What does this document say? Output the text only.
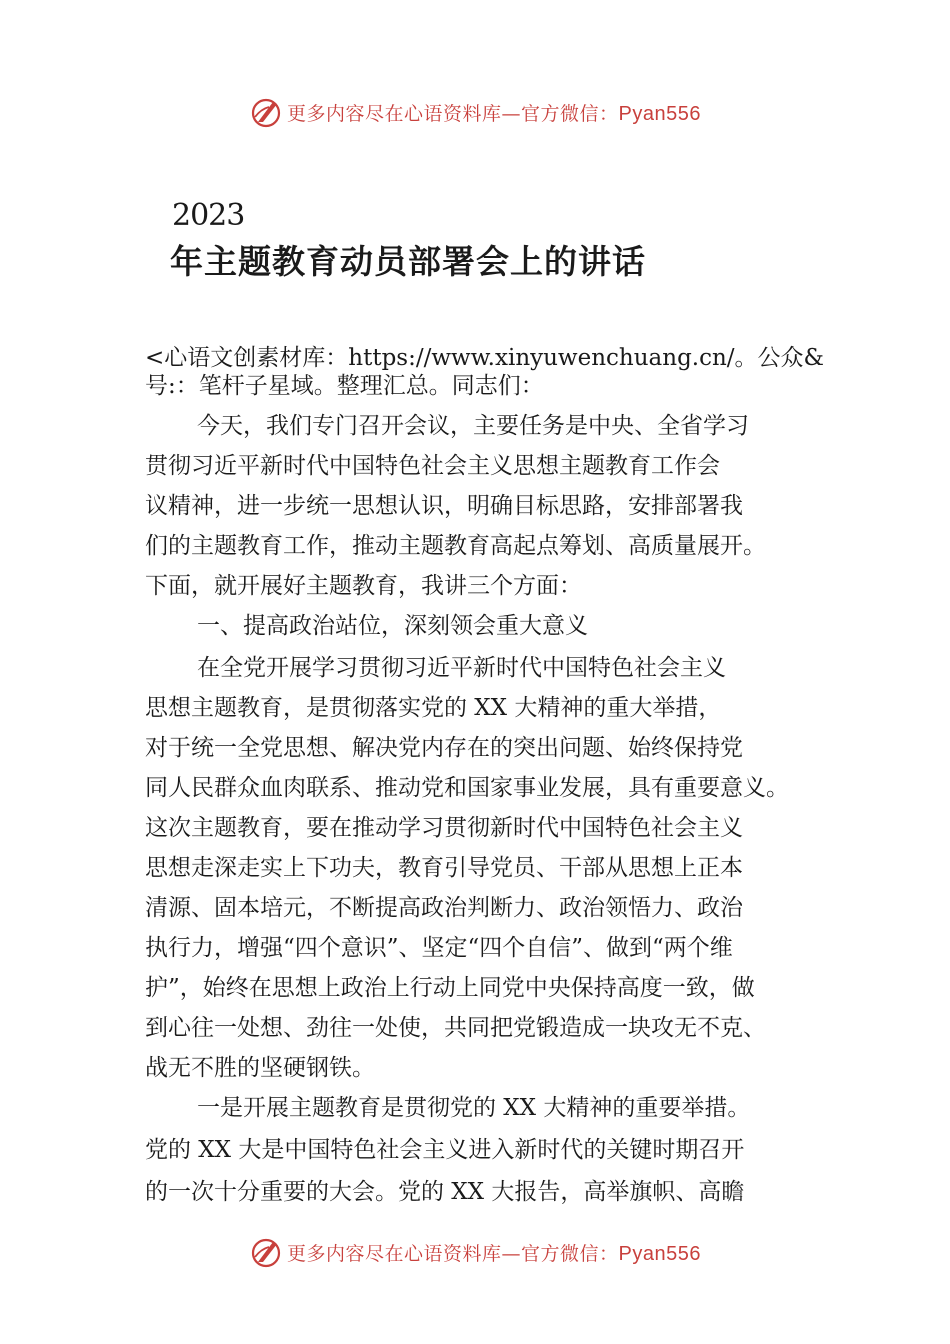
更多内容尽在心语资料库—官方微信：Pyan556
2023
年主题教育动员部署会上的讲话
<心语文创素材库：https://www.xinyuwenchuang.cn/。公众&
号:：笔杆子星域。整理汇总。同志们：
今天，我们专门召开会议，主要任务是中央、全省学习
贯彻习近平新时代中国特色社会主义思想主题教育工作会
议精神，进一步统一思想认识，明确目标思路，安排部署我
们的主题教育工作，推动主题教育高起点筹划、高质量展开。
下面，就开展好主题教育，我讲三个方面：
一、提高政治站位，深刻领会重大意义
在全党开展学习贯彻习近平新时代中国特色社会主义
思想主题教育，是贯彻落实党的 XX 大精神的重大举措，
对于统一全党思想、解决党内存在的突出问题、始终保持党
同人民群众血肉联系、推动党和国家事业发展，具有重要意义。
这次主题教育，要在推动学习贯彻新时代中国特色社会主义
思想走深走实上下功夫，教育引导党员、干部从思想上正本
清源、固本培元，不断提高政治判断力、政治领悟力、政治
执行力，增强“四个意识”、坚定“四个自信”、做到“两个维
护”，始终在思想上政治上行动上同党中央保持高度一致，做
到心往一处想、劲往一处使，共同把党锻造成一块攻无不克、
战无不胜的坚硬钢铁。
一是开展主题教育是贯彻党的 XX 大精神的重要举措。
党的 XX 大是中国特色社会主义进入新时代的关键时期召开
的一次十分重要的大会。党的 XX 大报告，高举旗帜、高瞻
更多内容尽在心语资料库—官方微信：Pyan556
